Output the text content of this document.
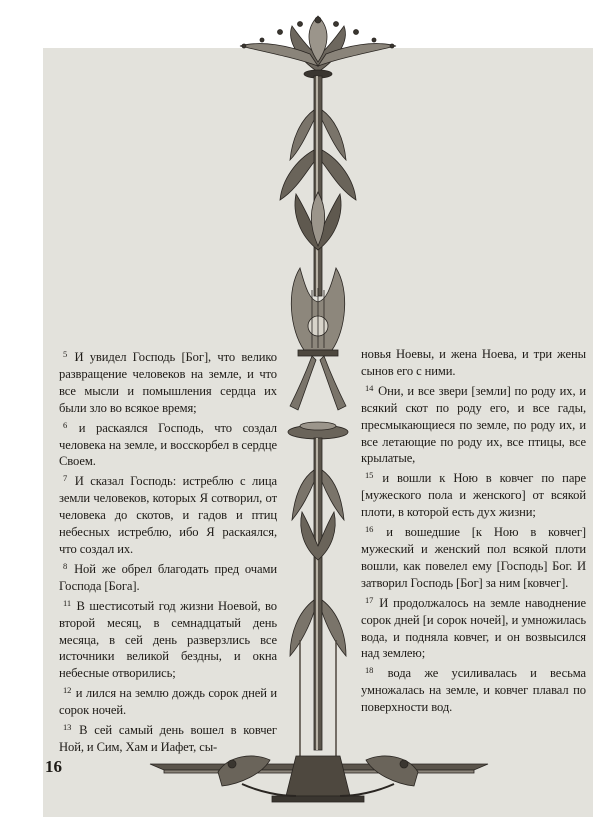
$^5$ И увидел Господь [Бог], что велико развращение человеков на земле, и что все мысли и помышления сердца их были зло во всякое время;

$^6$ и раскаялся Господь, что создал человека на земле, и восскорбел в сердце Своем.

$^7$ И сказал Господь: истреблю с лица земли человеков, которых Я сотворил, от человека до скотов, и гадов и птиц небесных истреблю, ибо Я раскаялся, что создал их.

$^8$ Ной же обрел благодать пред очами Господа [Бога].

$^{11}$ В шестисотый год жизни Ноевой, во второй месяц, в семнадцатый день месяца, в сей день разверзлись все источники великой бездны, и окна небесные отворились;

$^{12}$ и лился на землю дождь сорок дней и сорок ночей.

$^{13}$ В сей самый день вошел в ковчег Ной, и Сим, Хам и Иафет, сы-

новья Ноевы, и жена Ноева, и три жены сынов его с ними.

$^{14}$ Они, и все звери [земли] по роду их, и всякий скот по роду его, и все гады, пресмыкающиеся по земле, по роду их, и все летающие по роду их, все птицы, все крылатые,

$^{15}$ и вошли к Ною в ковчег по паре [мужеского пола и женского] от всякой плоти, в которой есть дух жизни;

$^{16}$ и вошедшие [к Ною в ковчег] мужеский и женский пол всякой плоти вошли, как повелел ему [Господь] Бог. И затворил Господь [Бог] за ним [ковчег].

$^{17}$ И продолжалось на земле наводнение сорок дней [и сорок ночей], и умножилась вода, и подняла ковчег, и он возвысился над землею;

$^{18}$ вода же усиливалась и весьма умножалась на земле, и ковчег плавал по поверхности вод.

16
